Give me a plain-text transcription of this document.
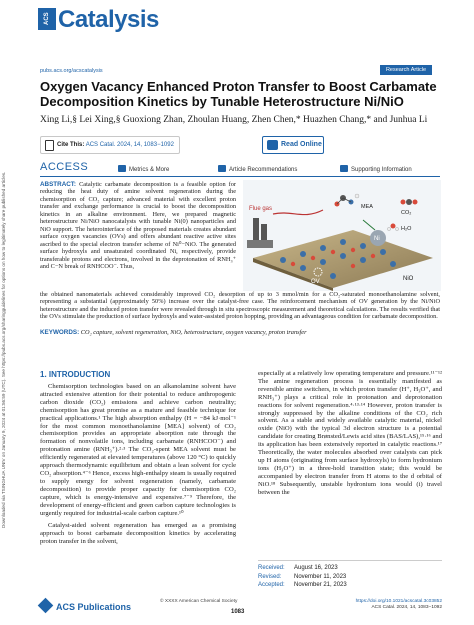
Downloaded via TSINGHUA UNIV on January 9, 2024 at 01:56:59 (UTC). See https://pubs.acs.org/sharingguidelines for options on how to legitimately share published articles.
ACS Catalysis
pubs.acs.org/acscatalysis	Research Article
Oxygen Vacancy Enhanced Proton Transfer to Boost Carbamate Decomposition Kinetics by Tunable Heterostructure Ni/NiO
Xing Li,§ Lei Xing,§ Guoxiong Zhan, Zhoulan Huang, Zhen Chen,* Huazhen Chang,* and Junhua Li
Cite This: ACS Catal. 2024, 14, 1083−1092	Read Online
ACCESS	Metrics & More	Article Recommendations	Supporting Information
ABSTRACT: Catalytic carbamate decomposition is a feasible option for reducing the heat duty of amine solvent regeneration during the chemisorption of CO₂ capture; advanced material with excellent proton transfer and exchange performance is crucial to boost the decomposition kinetics in an alkaline environment. Here, we prepared magnetic heterostructure Ni/NiO nanocatalysts with tunable Ni(0) nanoparticles and NiO support. The heterointerface of the proposed materials creates abundant surface oxygen vacancies (OVs) and offers abundant reactive active sites ascribed to the special electron transfer scheme of Ni⁰−NiO. The generated surface hydroxyls and unsaturated coordinated Ni, respectively, provide transferable protons and electrons, involved in the deprotonation of RNH₃⁺ and C−N break of RNHCOO⁻. Thus,
OV
Ni
NiO
Flue gas	MEA
CO₂
H₂O
the obtained nanomaterials achieved considerably improved CO₂ desorption of up to 3 mmol/min for a CO₂-saturated monoethanolamine solvent, representing a substantial (approximately 50%) increase over the catalyst-free case. The reinforcement mechanism of OV generation by the Ni/NiO heterostructure and the induced proton transfer were revealed through in situ spectroscopic measurement and theoretical calculations. The results verified that the OVs stimulate the production of surface hydroxyls and water-assisted proton hopping, providing an advantageous condition for carbamate decomposition.
KEYWORDS: CO₂ capture, solvent regeneration, NiOₓ heterostructure, oxygen vacancy, proton transfer
1. INTRODUCTION

Chemisorption technologies based on an alkanolamine solvent have attracted extensive attention for their potential to reduce anthropogenic carbon dioxide (CO₂) emissions and achieve carbon neutrality; chemisorption has great promise as a mature and feasible technique for practical applications.¹ The high absorption enthalpy (H = −84 kJ·mol⁻¹ for the most common monoethanolamine [MEA] solvent) of CO₂ chemisorption provides an appropriate absorption rate through the formation of nonvolatile ions, including carbamate (RNHCOO⁻) and protonation amine (RNH₃⁺).²·³ The CO₂-spent MEA solvent must be efficiently regenerated at elevated temperatures (above 120 °C) to quickly approach thermodynamic equilibrium and obtain a lean solvent for cycle CO₂ absorption.⁴⁻⁶ Hence, excess high-enthalpy steam is usually required to supply energy for solvent regeneration (namely, carbamate decomposition) to provide proper capacity for chemisorption CO₂ capture, which is energy-intensive and expensive.⁷⁻⁹ Therefore, the development of energy-efficient and green carbon capture technologies is urgently required for industrial-scale carbon capture.¹⁰

Catalyst-aided solvent regeneration has emerged as a promising approach to boost carbamate decomposition kinetics by accelerating proton transfer in the solvent,

especially at a relatively low operating temperature and pressure.¹¹⁻¹² The amine regeneration process is essentially manifested as reversible amine switchers, in which proton transfer (H⁺, H₃O⁺, and RNH₃⁺) plays a critical role in protonation and deprotonation reactions for solvent regeneration.⁴·¹³·¹⁴ However, proton transfer is strongly suppressed by the alkaline conditions of the CO₂ rich solvent. As a stable and widely available catalytic material, nickel oxide (NiO) with the typical 3d electron structure is a potential candidate for creating Brønsted/Lewis acid sites (BAS/LAS),¹⁵·¹⁶ and its application has been extensively reported in catalytic reactions.¹⁷ Theoretically, the water molecules absorbed over catalysts can pick up H atoms (originating from surface hydroxyls) to form hydronium ions (H₃O⁺) in a three-hold transition state; this would be accompanied by electron transfer from H atoms to the d orbital of NiO.¹⁸ Subsequently, unstable hydronium ions would (i) travel between the
Received: August 16, 2023
Revised: November 11, 2023
Accepted: November 21, 2023
ACS Publications
© XXXX American Chemical Society
1083
https://doi.org/10.1021/acscatal.3c03852
ACS Catal. 2024, 14, 1083−1092
